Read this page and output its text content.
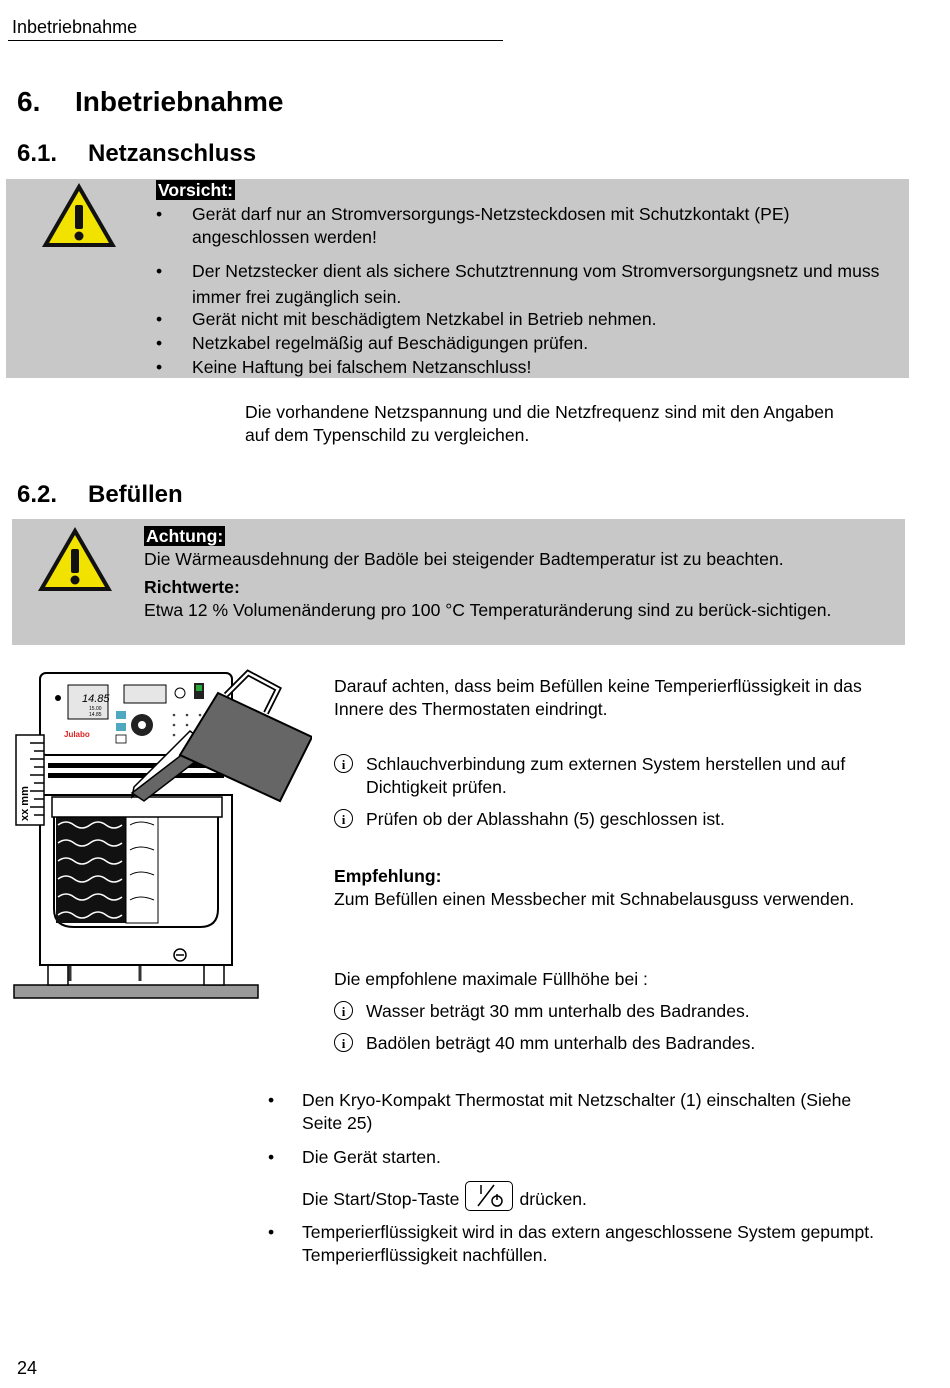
Inbetriebnahme
6. Inbetriebnahme
6.1. Netzanschluss
Vorsicht:
• Gerät darf nur an Stromversorgungs-Netzsteckdosen mit Schutzkontakt (PE) angeschlossen werden!
• Der Netzstecker dient als sichere Schutztrennung vom Stromversorgungsnetz und muss immer frei zugänglich sein.
• Gerät nicht mit beschädigtem Netzkabel in Betrieb nehmen.
• Netzkabel regelmäßig auf Beschädigungen prüfen.
• Keine Haftung bei falschem Netzanschluss!
Die vorhandene Netzspannung und die Netzfrequenz sind mit den Angaben auf dem Typenschild zu vergleichen.
6.2. Befüllen
Achtung:
Die Wärmeausdehnung der Badöle bei steigender Badtemperatur ist zu beachten.
Richtwerte:
Etwa 12 % Volumenänderung pro 100 °C Temperaturänderung sind zu berück-sichtigen.
14.85
15.00
14.85
Julabo
xx mm
Darauf achten, dass beim Befüllen keine Temperierflüssigkeit in das Innere des Thermostaten eindringt.
i	Schlauchverbindung zum externen System herstellen und auf Dichtigkeit prüfen.
i	Prüfen ob der Ablasshahn (5) geschlossen ist.
Empfehlung:
Zum Befüllen einen Messbecher mit Schnabelausguss verwenden.
Die empfohlene maximale Füllhöhe bei :
i	Wasser beträgt 30 mm unterhalb des Badrandes.
i	Badölen beträgt 40 mm unterhalb des Badrandes.
• Den Kryo-Kompakt Thermostat mit Netzschalter (1) einschalten (Siehe Seite 25)
• Die Gerät starten.
Die Start/Stop-Taste	drücken.
• Temperierflüssigkeit wird in das extern angeschlossene System gepumpt.
Temperierflüssigkeit nachfüllen.
24
